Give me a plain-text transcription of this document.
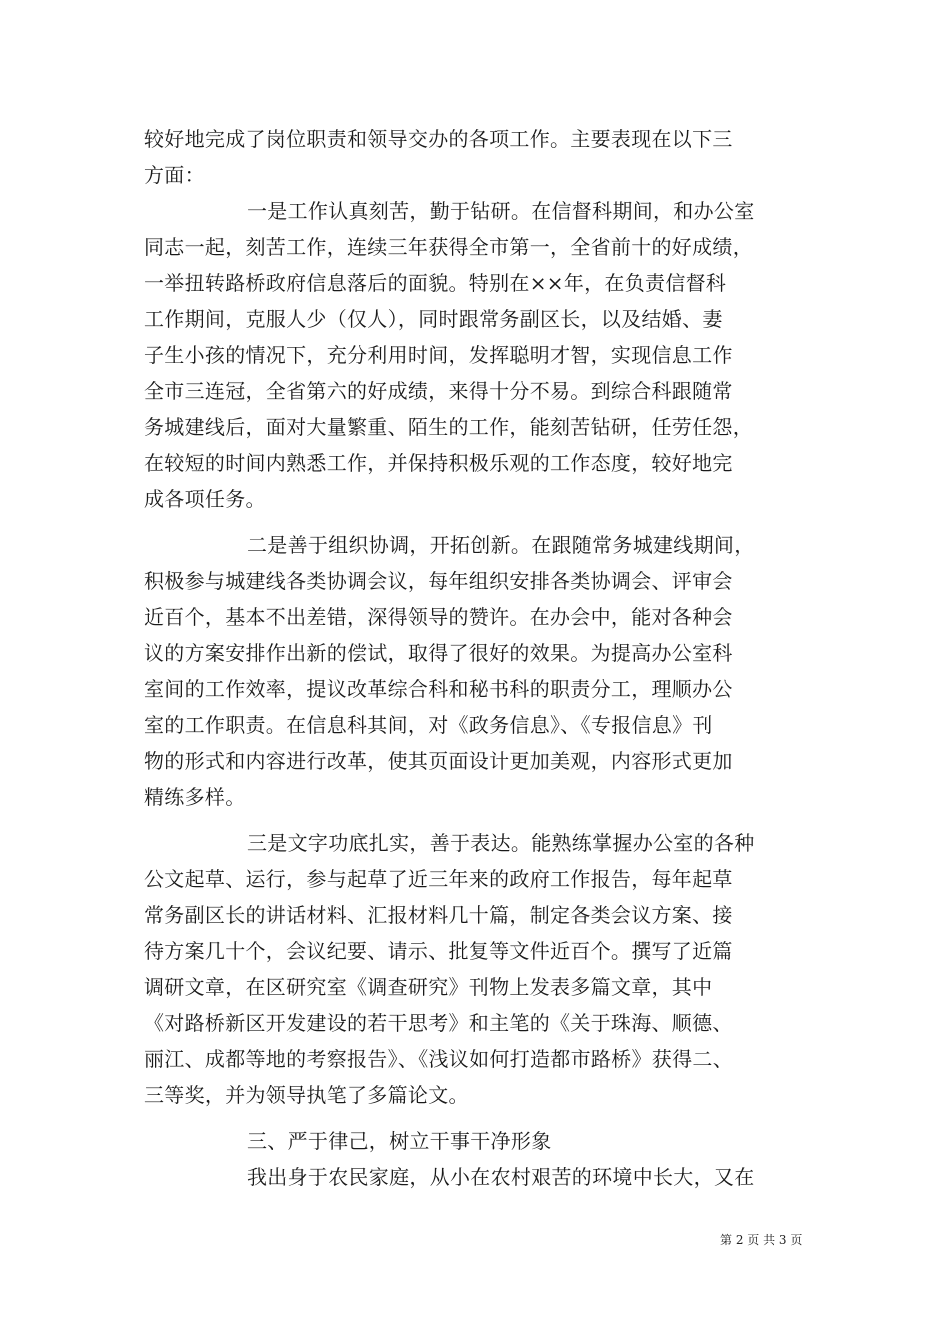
较好地完成了岗位职责和领导交办的各项工作。主要表现在以下三
方面：
一是工作认真刻苦，勤于钻研。在信督科期间，和办公室
同志一起，刻苦工作，连续三年获得全市第一，全省前十的好成绩，
一举扭转路桥政府信息落后的面貌。特别在××年，在负责信督科
工作期间，克服人少（仅人），同时跟常务副区长，以及结婚、妻
子生小孩的情况下，充分利用时间，发挥聪明才智，实现信息工作
全市三连冠，全省第六的好成绩，来得十分不易。到综合科跟随常
务城建线后，面对大量繁重、陌生的工作，能刻苦钻研，任劳任怨，
在较短的时间内熟悉工作，并保持积极乐观的工作态度，较好地完
成各项任务。
二是善于组织协调，开拓创新。在跟随常务城建线期间，
积极参与城建线各类协调会议，每年组织安排各类协调会、评审会
近百个，基本不出差错，深得领导的赞许。在办会中，能对各种会
议的方案安排作出新的偿试，取得了很好的效果。为提高办公室科
室间的工作效率，提议改革综合科和秘书科的职责分工，理顺办公
室的工作职责。在信息科其间，对《政务信息》、《专报信息》刊
物的形式和内容进行改革，使其页面设计更加美观，内容形式更加
精练多样。
三是文字功底扎实，善于表达。能熟练掌握办公室的各种
公文起草、运行，参与起草了近三年来的政府工作报告，每年起草
常务副区长的讲话材料、汇报材料几十篇，制定各类会议方案、接
待方案几十个，会议纪要、请示、批复等文件近百个。撰写了近篇
调研文章，在区研究室《调查研究》刊物上发表多篇文章，其中
《对路桥新区开发建设的若干思考》和主笔的《关于珠海、顺德、
丽江、成都等地的考察报告》、《浅议如何打造都市路桥》获得二、
三等奖，并为领导执笔了多篇论文。
三、严于律己，树立干事干净形象
我出身于农民家庭，从小在农村艰苦的环境中长大，又在
第 2 页 共 3 页
